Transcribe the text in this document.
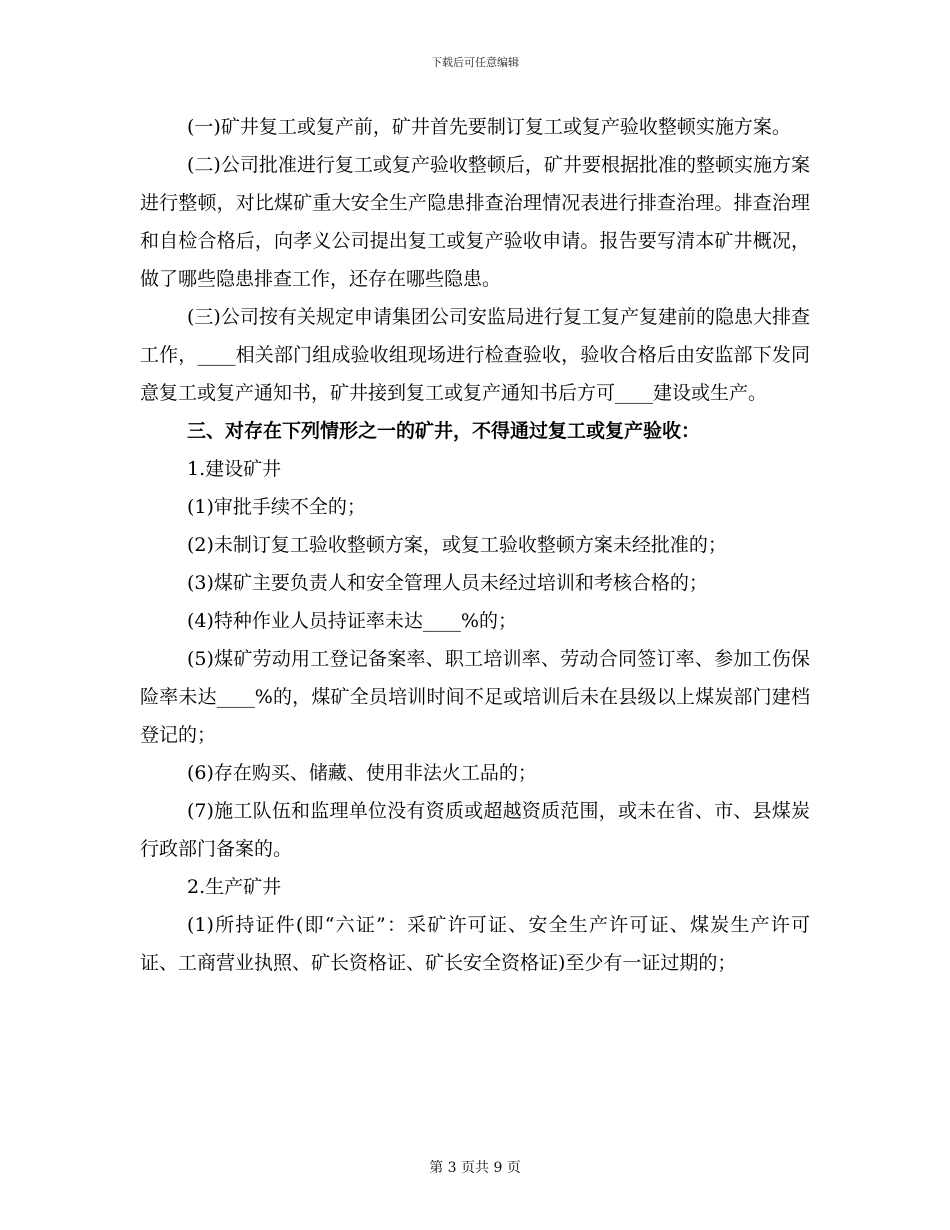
下载后可任意编辑

(一)矿井复工或复产前，矿井首先要制订复工或复产验收整顿实施方案。

(二)公司批准进行复工或复产验收整顿后，矿井要根据批准的整顿实施方案进行整顿，对比煤矿重大安全生产隐患排查治理情况表进行排查治理。排查治理和自检合格后，向孝义公司提出复工或复产验收申请。报告要写清本矿井概况，做了哪些隐患排查工作，还存在哪些隐患。

(三)公司按有关规定申请集团公司安监局进行复工复产复建前的隐患大排查工作，____相关部门组成验收组现场进行检查验收，验收合格后由安监部下发同意复工或复产通知书，矿井接到复工或复产通知书后方可____建设或生产。

三、对存在下列情形之一的矿井，不得通过复工或复产验收：

1.建设矿井

(1)审批手续不全的；

(2)未制订复工验收整顿方案，或复工验收整顿方案未经批准的；

(3)煤矿主要负责人和安全管理人员未经过培训和考核合格的；

(4)特种作业人员持证率未达____%的；

(5)煤矿劳动用工登记备案率、职工培训率、劳动合同签订率、参加工伤保险率未达____%的，煤矿全员培训时间不足或培训后未在县级以上煤炭部门建档登记的；

(6)存在购买、储藏、使用非法火工品的；

(7)施工队伍和监理单位没有资质或超越资质范围，或未在省、市、县煤炭行政部门备案的。

2.生产矿井

(1)所持证件(即“六证”：采矿许可证、安全生产许可证、煤炭生产许可证、工商营业执照、矿长资格证、矿长安全资格证)至少有一证过期的；

第 3 页共 9 页
